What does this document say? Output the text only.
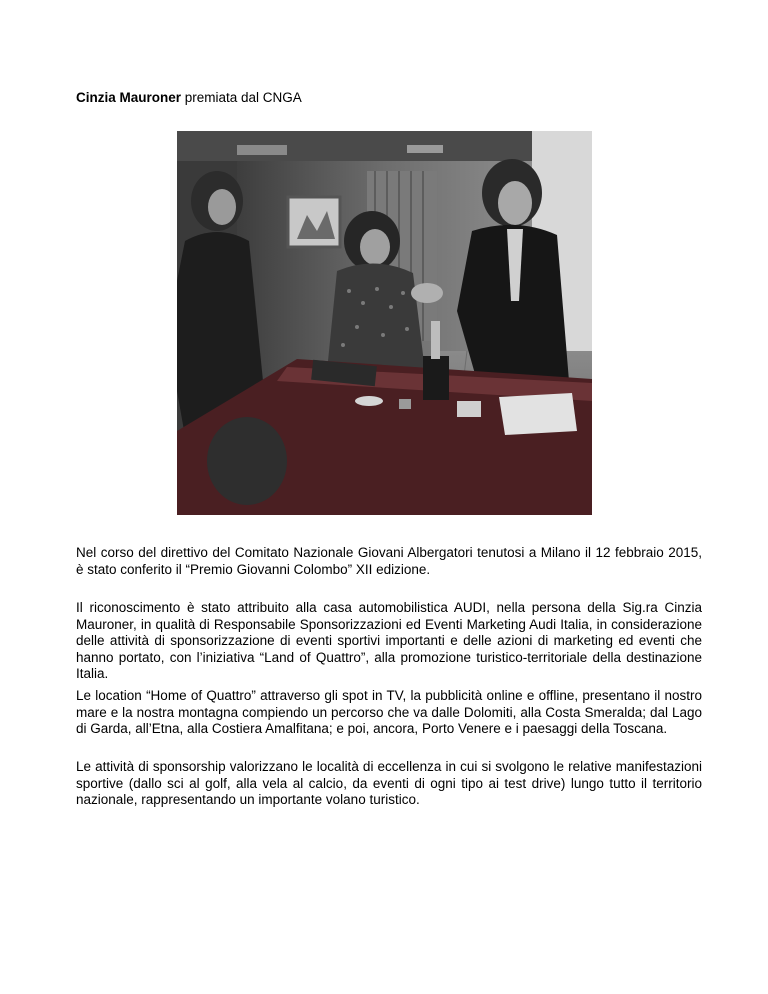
Cinzia Mauroner premiata dal CNGA

Nel corso del direttivo del Comitato Nazionale Giovani Albergatori tenutosi a Milano il 12 febbraio 2015, è stato conferito il “Premio Giovanni Colombo” XII edizione.

Il riconoscimento è stato attribuito alla casa automobilistica AUDI, nella persona della Sig.ra Cinzia Mauroner, in qualità di Responsabile Sponsorizzazioni ed Eventi Marketing Audi Italia, in considerazione delle attività di sponsorizzazione di eventi sportivi importanti e delle azioni di marketing ed eventi che hanno portato, con l’iniziativa “Land of Quattro”, alla promozione turistico-territoriale della destinazione Italia.

Le location “Home of Quattro” attraverso gli spot in TV, la pubblicità online e offline, presentano il nostro mare e la nostra montagna compiendo un percorso che va dalle Dolomiti, alla Costa Smeralda; dal Lago di Garda, all’Etna, alla Costiera Amalfitana; e poi, ancora, Porto Venere e i paesaggi della Toscana.

Le attività di sponsorship valorizzano le località di eccellenza in cui si svolgono le relative manifestazioni sportive (dallo sci al golf, alla vela al calcio, da eventi di ogni tipo ai test drive) lungo tutto il territorio nazionale, rappresentando un importante volano turistico.
